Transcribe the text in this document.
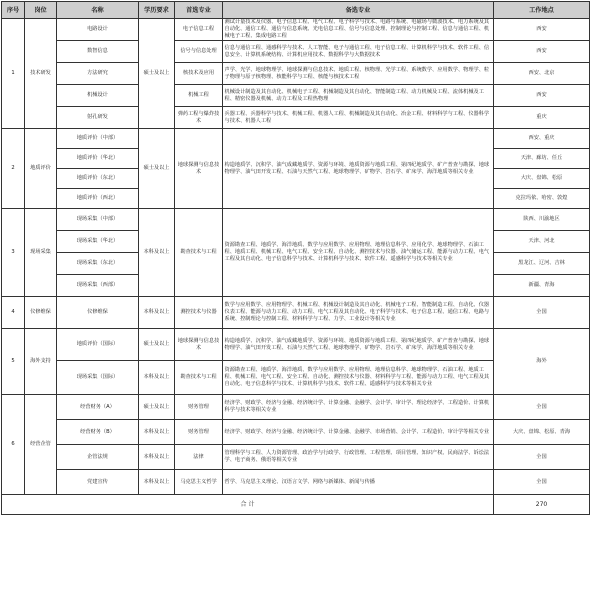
序号	岗位	名称	学历要求	首选专业	备选专业	工作地点
1	技术研发	电路设计	硕士及以上	电子信息工程	测试计量技术及仪器、电子信息工程、电气工程、电子科学与技术、电路与系统、电磁场与微波技术、电力系统及其自动化、通信工程、通信与信息系统、光电信息工程、信号与信息处理、控制理论与控制工程、信息与通信工程、机械电子工程、集成电路工程	西安
		数智信息		信号与信息处理	信息与通信工程、通感科学与技术、人工智能、电子与通信工程、电子信息工程、计算机科学与技术、软件工程、信息安全、计算机系统结构、计算机应用技术、数据科学与大数据技术	西安
		方法研究		核技术及应用	声学、光学、地球物理学、地球探测与信息技术、地质工程、核物理、光学工程、系统数学、应用数学、物理学、粒子物理与原子核物理、核能科学与工程、核能与核技术工程	西安、北京
		机械设计		机械工程	机械设计制造及其自动化、机械电子工程、机械制造及其自动化、智能制造工程、动力机械及工程、流体机械及工程、精密仪器及机械、动力工程及工程热物理	西安
		射孔研发		弹药工程与爆炸技术	兵器工程、兵器科学与技术、机械工程、机器人工程、机械制造及其自动化、冶金工程、材料科学与工程、仪器科学与技术、机器人工程	重庆
2	地质评价	地质评价（中部）	硕士及以上	地球探测与信息技术	构造地质学、沉积学、油气成藏地质学、资源与环境、地质资源与地质工程、第四纪地质学、矿产普查与勘探、地球物理学、油气田开发工程、石油与天然气工程、地球物理学、矿物学、岩石学、矿床学、海洋地质等相关专业	西安、重庆
		地质评价（华北）				天津、廊坊、任丘
		地质评价（东北）				大庆、盘锦、松原
		地质评价（西北）				克拉玛依、哈密、敦煌
3	现场采集	现场采集（中部）	本科及以上	勘查技术与工程	资源勘查工程、地质学、海洋地质、数学与应用数学、应用物理、地理信息科学、应用化学、地球物理学、石油工程、地质工程、机械工程、电气工程、安全工程、自动化、测控技术与仪器、油气储运工程、能源与动力工程、电气工程及其自动化、电子信息科学与技术、计算机科学与技术、软件工程、遥感科学与技术等相关专业	陕西、川渝地区
		现场采集（华北）				天津、河北
		现场采集（东北）				黑龙江、辽河、吉林
		现场采集（西部）				新疆、青海
4	仪修维保	仪修维保	本科及以上	测控技术与仪器	数学与应用数学、应用物理学、机械工程、机械设计制造及其自动化、机械电子工程、智能制造工程、自动化、仪器仪表工程、能源与动力工程、动力工程、电气工程及其自动化、电子科学与技术、电子信息工程、通信工程、电路与系统、控制理论与控制工程、材料科学与工程、力学、工业设计等相关专业	全国
5	海外支持	地质评价（国际）	硕士及以上	地球探测与信息技术	构造地质学、沉积学、油气成藏地质学、资源与环境、地质资源与地质工程、第四纪地质学、矿产普查与勘探、地球物理学、油气田开发工程、石油与天然气工程、地球物理学、矿物学、岩石学、矿床学、海洋地质等相关专业	海外
		现场采集（国际）	本科及以上	勘查技术与工程	资源勘查工程、地质学、海洋地质、数学与应用数学、应用物理、地理信息科学、地球物理学、石油工程、地质工程、机械工程、电气工程、安全工程、自动化、测控技术与仪器、材料科学与工程、能源与动力工程、电气工程及其自动化、电子信息科学与技术、计算机科学与技术、软件工程、遥感科学与技术等相关专业	
6	经营企管	经营财务（A）	硕士及以上	财务管理	经济学、财政学、经济与金融、经济统计学、计算金融、金融学、会计学、审计学、理论经济学、工程造价、计算机科学与技术等相关专业	全国
		经营财务（B）	本科及以上	财务管理	经济学、财政学、经济与金融、经济统计学、计算金融、金融学、市场营销、会计学、工程造价、审计学等相关专业	大庆、盘锦、松原、青海
		企管法规	本科及以上	法律	管理科学与工程、人力资源管理、政治学与行政学、行政管理、工程管理、项目管理、知识产权、民商法学、诉讼法学、电子商务、俄语等相关专业	全国
		党建宣传	本科及以上	马克思主义哲学	哲学、马克思主义理论、汉语言文学、网络与新媒体、新闻与传播	全国
合 计						270
